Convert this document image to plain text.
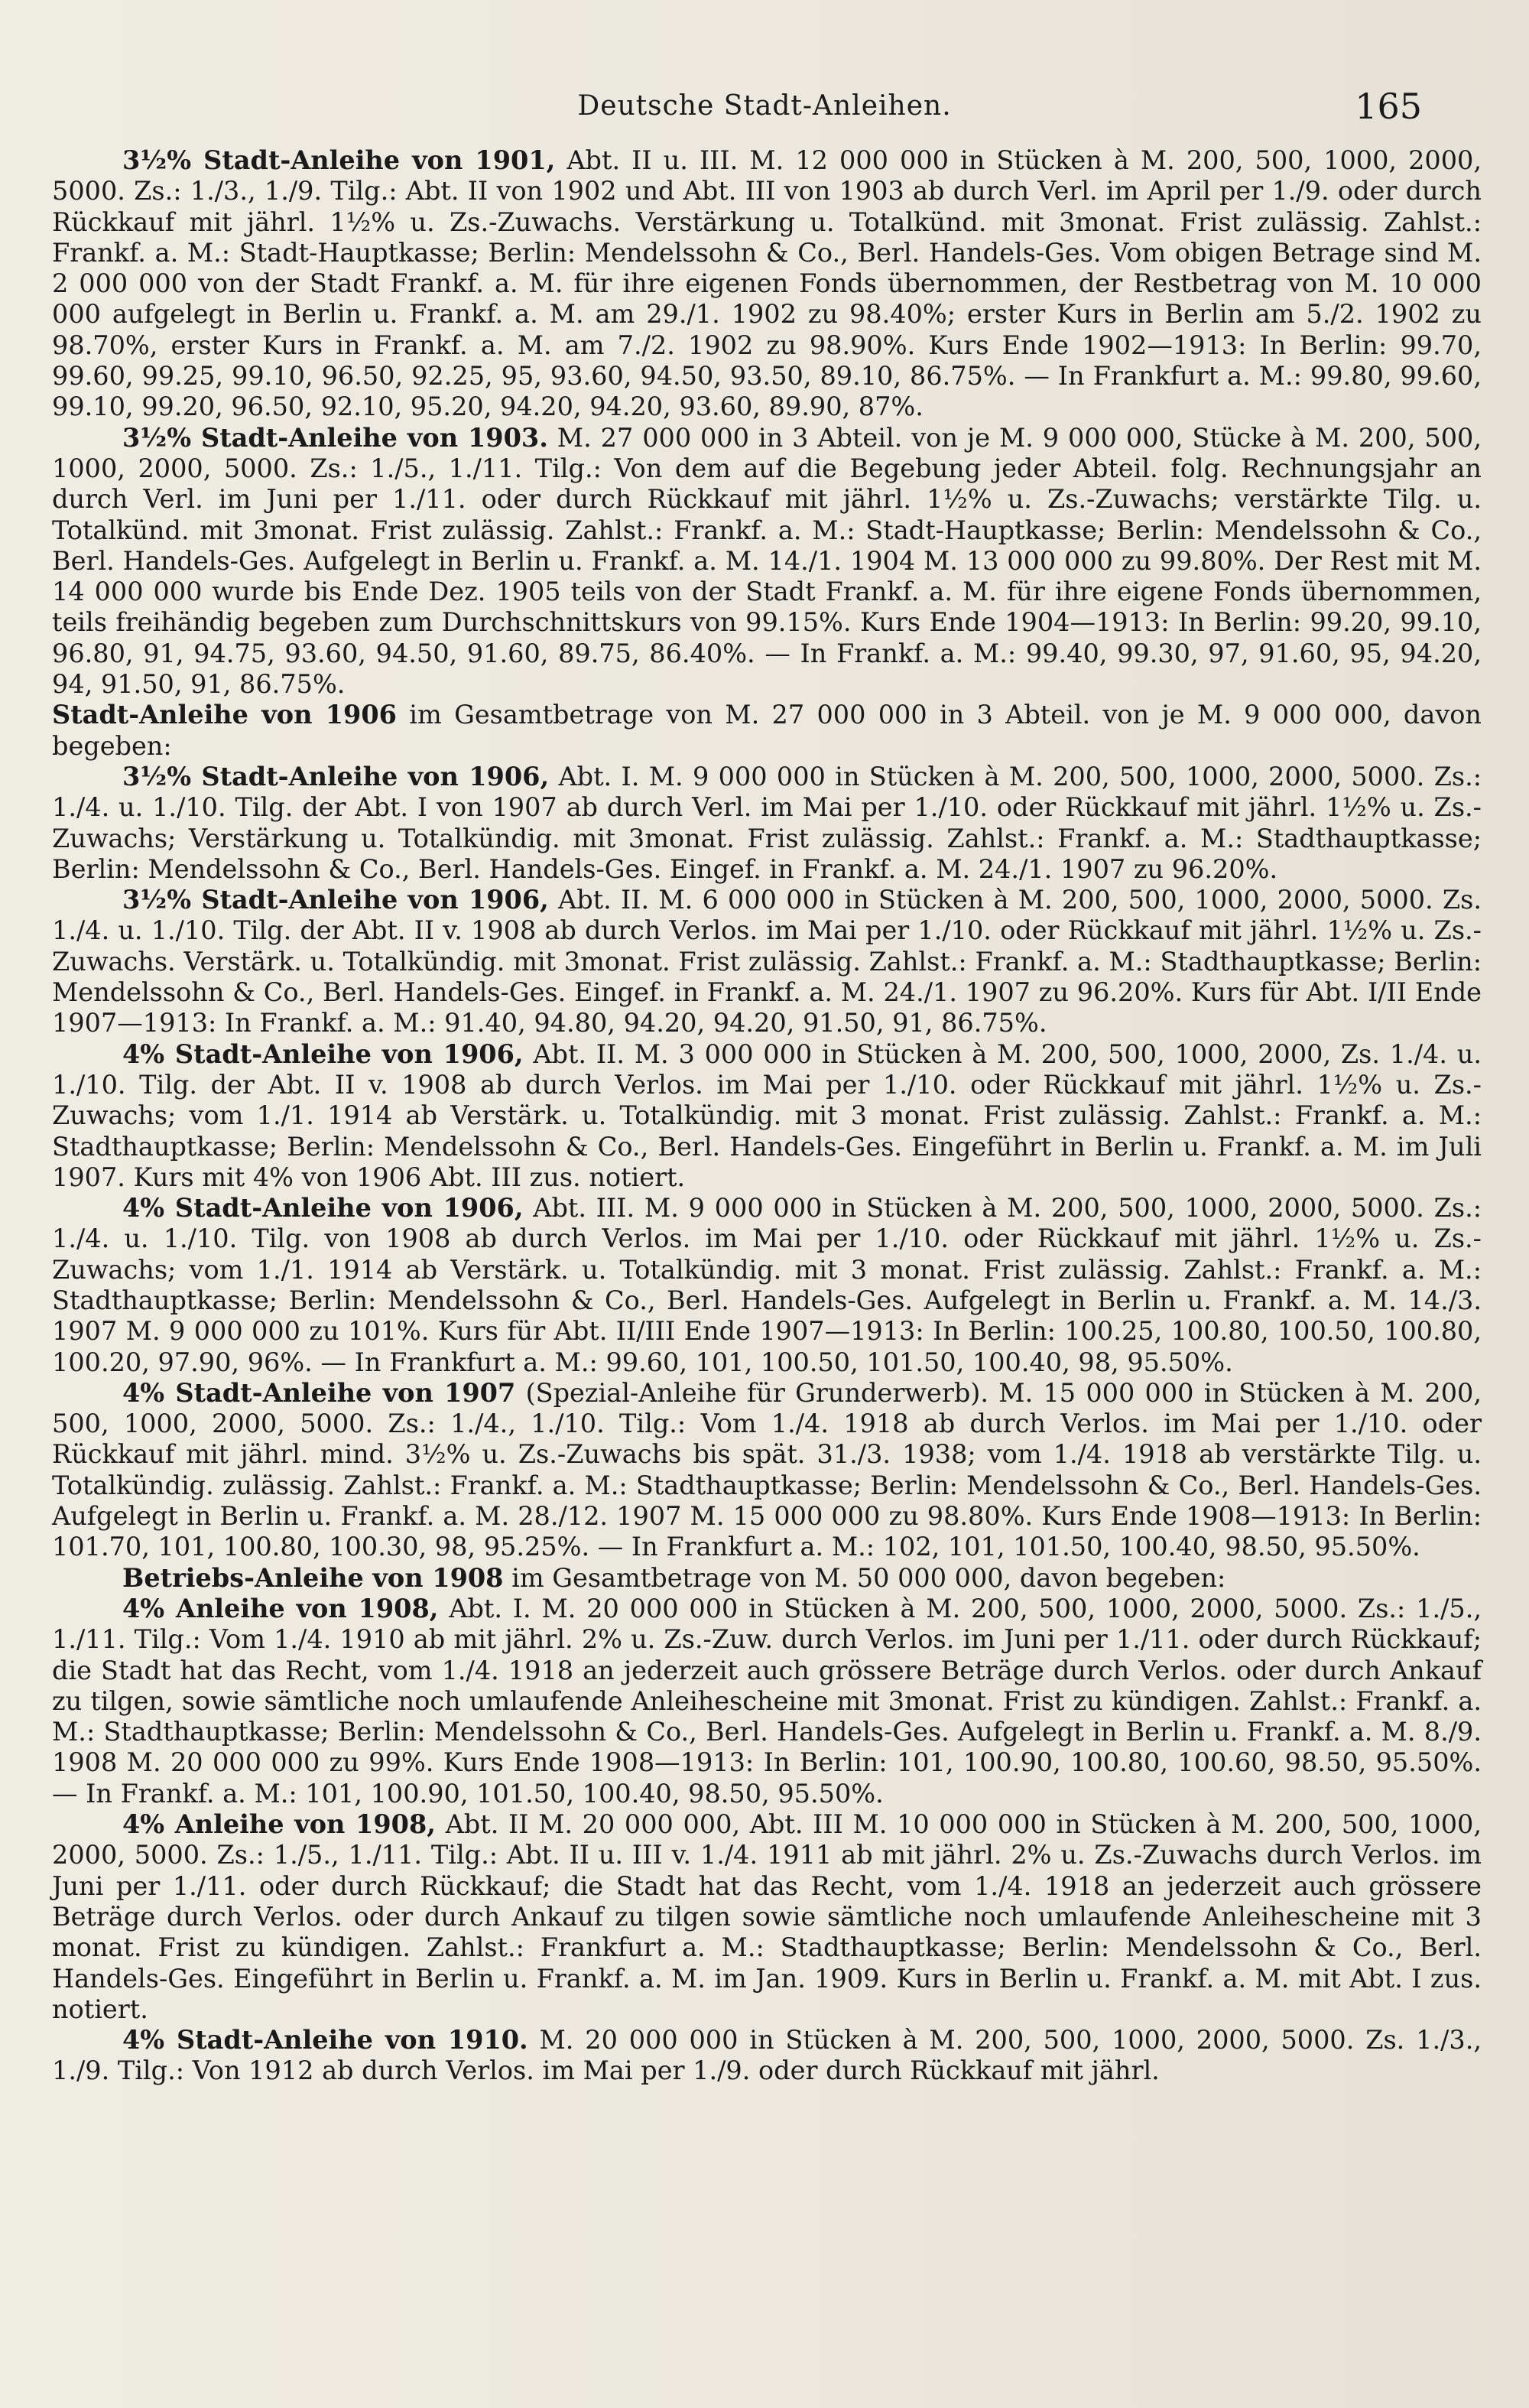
Deutsche Stadt-Anleihen.	165

3½% Stadt-Anleihe von 1901, Abt. II u. III. M. 12 000 000 in Stücken à M. 200, 500, 1000, 2000, 5000. Zs.: 1./3., 1./9. Tilg.: Abt. II von 1902 und Abt. III von 1903 ab durch Verl. im April per 1./9. oder durch Rückkauf mit jährl. 1½% u. Zs.-Zuwachs. Verstärkung u. Totalkünd. mit 3monat. Frist zulässig. Zahlst.: Frankf. a. M.: Stadt-Hauptkasse; Berlin: Mendelssohn & Co., Berl. Handels-Ges. Vom obigen Betrage sind M. 2 000 000 von der Stadt Frankf. a. M. für ihre eigenen Fonds übernommen, der Restbetrag von M. 10 000 000 aufgelegt in Berlin u. Frankf. a. M. am 29./1. 1902 zu 98.40%; erster Kurs in Berlin am 5./2. 1902 zu 98.70%, erster Kurs in Frankf. a. M. am 7./2. 1902 zu 98.90%. Kurs Ende 1902—1913: In Berlin: 99.70, 99.60, 99.25, 99.10, 96.50, 92.25, 95, 93.60, 94.50, 93.50, 89.10, 86.75%. — In Frankfurt a. M.: 99.80, 99.60, 99.10, 99.20, 96.50, 92.10, 95.20, 94.20, 94.20, 93.60, 89.90, 87%.

3½% Stadt-Anleihe von 1903. M. 27 000 000 in 3 Abteil. von je M. 9 000 000, Stücke à M. 200, 500, 1000, 2000, 5000. Zs.: 1./5., 1./11. Tilg.: Von dem auf die Begebung jeder Abteil. folg. Rechnungsjahr an durch Verl. im Juni per 1./11. oder durch Rückkauf mit jährl. 1½% u. Zs.-Zuwachs; verstärkte Tilg. u. Totalkünd. mit 3monat. Frist zulässig. Zahlst.: Frankf. a. M.: Stadt-Hauptkasse; Berlin: Mendelssohn & Co., Berl. Handels-Ges. Aufgelegt in Berlin u. Frankf. a. M. 14./1. 1904 M. 13 000 000 zu 99.80%. Der Rest mit M. 14 000 000 wurde bis Ende Dez. 1905 teils von der Stadt Frankf. a. M. für ihre eigene Fonds übernommen, teils freihändig begeben zum Durchschnittskurs von 99.15%. Kurs Ende 1904—1913: In Berlin: 99.20, 99.10, 96.80, 91, 94.75, 93.60, 94.50, 91.60, 89.75, 86.40%. — In Frankf. a. M.: 99.40, 99.30, 97, 91.60, 95, 94.20, 94, 91.50, 91, 86.75%.

Stadt-Anleihe von 1906 im Gesamtbetrage von M. 27 000 000 in 3 Abteil. von je M. 9 000 000, davon begeben:

3½% Stadt-Anleihe von 1906, Abt. I. M. 9 000 000 in Stücken à M. 200, 500, 1000, 2000, 5000. Zs.: 1./4. u. 1./10. Tilg. der Abt. I von 1907 ab durch Verl. im Mai per 1./10. oder Rückkauf mit jährl. 1½% u. Zs.-Zuwachs; Verstärkung u. Totalkündig. mit 3monat. Frist zulässig. Zahlst.: Frankf. a. M.: Stadthauptkasse; Berlin: Mendelssohn & Co., Berl. Handels-Ges. Eingef. in Frankf. a. M. 24./1. 1907 zu 96.20%.

3½% Stadt-Anleihe von 1906, Abt. II. M. 6 000 000 in Stücken à M. 200, 500, 1000, 2000, 5000. Zs. 1./4. u. 1./10. Tilg. der Abt. II v. 1908 ab durch Verlos. im Mai per 1./10. oder Rückkauf mit jährl. 1½% u. Zs.-Zuwachs. Verstärk. u. Totalkündig. mit 3monat. Frist zulässig. Zahlst.: Frankf. a. M.: Stadthauptkasse; Berlin: Mendelssohn & Co., Berl. Handels-Ges. Eingef. in Frankf. a. M. 24./1. 1907 zu 96.20%. Kurs für Abt. I/II Ende 1907—1913: In Frankf. a. M.: 91.40, 94.80, 94.20, 94.20, 91.50, 91, 86.75%.

4% Stadt-Anleihe von 1906, Abt. II. M. 3 000 000 in Stücken à M. 200, 500, 1000, 2000, Zs. 1./4. u. 1./10. Tilg. der Abt. II v. 1908 ab durch Verlos. im Mai per 1./10. oder Rückkauf mit jährl. 1½% u. Zs.-Zuwachs; vom 1./1. 1914 ab Verstärk. u. Totalkündig. mit 3 monat. Frist zulässig. Zahlst.: Frankf. a. M.: Stadthauptkasse; Berlin: Mendelssohn & Co., Berl. Handels-Ges. Eingeführt in Berlin u. Frankf. a. M. im Juli 1907. Kurs mit 4% von 1906 Abt. III zus. notiert.

4% Stadt-Anleihe von 1906, Abt. III. M. 9 000 000 in Stücken à M. 200, 500, 1000, 2000, 5000. Zs.: 1./4. u. 1./10. Tilg. von 1908 ab durch Verlos. im Mai per 1./10. oder Rückkauf mit jährl. 1½% u. Zs.-Zuwachs; vom 1./1. 1914 ab Verstärk. u. Totalkündig. mit 3 monat. Frist zulässig. Zahlst.: Frankf. a. M.: Stadthauptkasse; Berlin: Mendelssohn & Co., Berl. Handels-Ges. Aufgelegt in Berlin u. Frankf. a. M. 14./3. 1907 M. 9 000 000 zu 101%. Kurs für Abt. II/III Ende 1907—1913: In Berlin: 100.25, 100.80, 100.50, 100.80, 100.20, 97.90, 96%. — In Frankfurt a. M.: 99.60, 101, 100.50, 101.50, 100.40, 98, 95.50%.

4% Stadt-Anleihe von 1907 (Spezial-Anleihe für Grunderwerb). M. 15 000 000 in Stücken à M. 200, 500, 1000, 2000, 5000. Zs.: 1./4., 1./10. Tilg.: Vom 1./4. 1918 ab durch Verlos. im Mai per 1./10. oder Rückkauf mit jährl. mind. 3½% u. Zs.-Zuwachs bis spät. 31./3. 1938; vom 1./4. 1918 ab verstärkte Tilg. u. Totalkündig. zulässig. Zahlst.: Frankf. a. M.: Stadthauptkasse; Berlin: Mendelssohn & Co., Berl. Handels-Ges. Aufgelegt in Berlin u. Frankf. a. M. 28./12. 1907 M. 15 000 000 zu 98.80%. Kurs Ende 1908—1913: In Berlin: 101.70, 101, 100.80, 100.30, 98, 95.25%. — In Frankfurt a. M.: 102, 101, 101.50, 100.40, 98.50, 95.50%.

Betriebs-Anleihe von 1908 im Gesamtbetrage von M. 50 000 000, davon begeben:

4% Anleihe von 1908, Abt. I. M. 20 000 000 in Stücken à M. 200, 500, 1000, 2000, 5000. Zs.: 1./5., 1./11. Tilg.: Vom 1./4. 1910 ab mit jährl. 2% u. Zs.-Zuw. durch Verlos. im Juni per 1./11. oder durch Rückkauf; die Stadt hat das Recht, vom 1./4. 1918 an jederzeit auch grössere Beträge durch Verlos. oder durch Ankauf zu tilgen, sowie sämtliche noch umlaufende Anleihescheine mit 3monat. Frist zu kündigen. Zahlst.: Frankf. a. M.: Stadthauptkasse; Berlin: Mendelssohn & Co., Berl. Handels-Ges. Aufgelegt in Berlin u. Frankf. a. M. 8./9. 1908 M. 20 000 000 zu 99%. Kurs Ende 1908—1913: In Berlin: 101, 100.90, 100.80, 100.60, 98.50, 95.50%. — In Frankf. a. M.: 101, 100.90, 101.50, 100.40, 98.50, 95.50%.

4% Anleihe von 1908, Abt. II M. 20 000 000, Abt. III M. 10 000 000 in Stücken à M. 200, 500, 1000, 2000, 5000. Zs.: 1./5., 1./11. Tilg.: Abt. II u. III v. 1./4. 1911 ab mit jährl. 2% u. Zs.-Zuwachs durch Verlos. im Juni per 1./11. oder durch Rückkauf; die Stadt hat das Recht, vom 1./4. 1918 an jederzeit auch grössere Beträge durch Verlos. oder durch Ankauf zu tilgen sowie sämtliche noch umlaufende Anleihescheine mit 3 monat. Frist zu kündigen. Zahlst.: Frankfurt a. M.: Stadthauptkasse; Berlin: Mendelssohn & Co., Berl. Handels-Ges. Eingeführt in Berlin u. Frankf. a. M. im Jan. 1909. Kurs in Berlin u. Frankf. a. M. mit Abt. I zus. notiert.

4% Stadt-Anleihe von 1910. M. 20 000 000 in Stücken à M. 200, 500, 1000, 2000, 5000. Zs. 1./3., 1./9. Tilg.: Von 1912 ab durch Verlos. im Mai per 1./9. oder durch Rückkauf mit jährl.
